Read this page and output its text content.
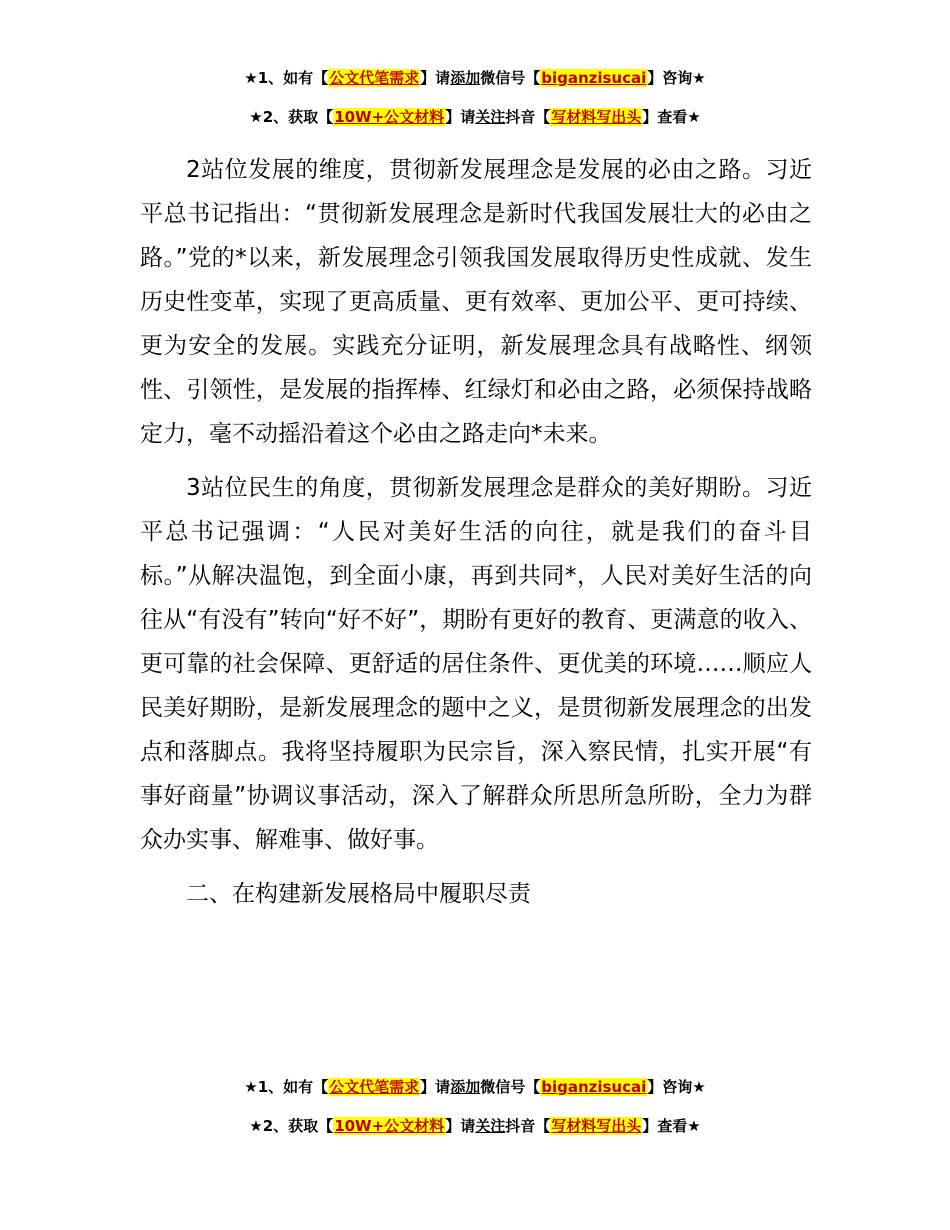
★1、如有【公文代笔需求】请添加微信号【biganzisucai】咨询★
★2、获取【10W+公文材料】请关注抖音【写材料写出头】查看★

2站位发展的维度，贯彻新发展理念是发展的必由之路。习近平总书记指出：“贯彻新发展理念是新时代我国发展壮大的必由之路。”党的*以来，新发展理念引领我国发展取得历史性成就、发生历史性变革，实现了更高质量、更有效率、更加公平、更可持续、更为安全的发展。实践充分证明，新发展理念具有战略性、纲领性、引领性，是发展的指挥棒、红绿灯和必由之路，必须保持战略定力，毫不动摇沿着这个必由之路走向*未来。

3站位民生的角度，贯彻新发展理念是群众的美好期盼。习近平总书记强调：“人民对美好生活的向往，就是我们的奋斗目标。”从解决温饱，到全面小康，再到共同*，人民对美好生活的向往从“有没有”转向“好不好”，期盼有更好的教育、更满意的收入、更可靠的社会保障、更舒适的居住条件、更优美的环境……顺应人民美好期盼，是新发展理念的题中之义，是贯彻新发展理念的出发点和落脚点。我将坚持履职为民宗旨，深入察民情，扎实开展“有事好商量”协调议事活动，深入了解群众所思所急所盼，全力为群众办实事、解难事、做好事。

二、在构建新发展格局中履职尽责

★1、如有【公文代笔需求】请添加微信号【biganzisucai】咨询★
★2、获取【10W+公文材料】请关注抖音【写材料写出头】查看★
